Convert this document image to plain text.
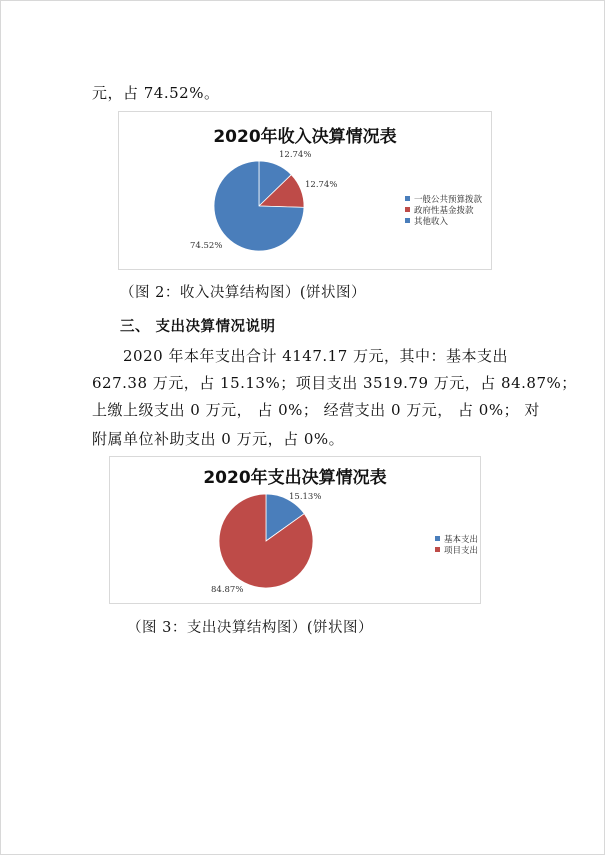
元，占 74.52%。
2020年收入决算情况表
12.74%
12.74%
74.52%
一般公共预算拨款
政府性基金拨款
其他收入
（图 2：收入决算结构图）(饼状图）
三、 支出决算情况说明
2020 年本年支出合计 4147.17 万元，其中：基本支出
627.38 万元，占 15.13%；项目支出 3519.79 万元，占 84.87%；
上缴上级支出 0 万元， 占 0%； 经营支出 0 万元， 占 0%； 对
附属单位补助支出 0 万元，占 0%。
2020年支出决算情况表
15.13%
84.87%
基本支出
项目支出
（图 3：支出决算结构图）(饼状图）
